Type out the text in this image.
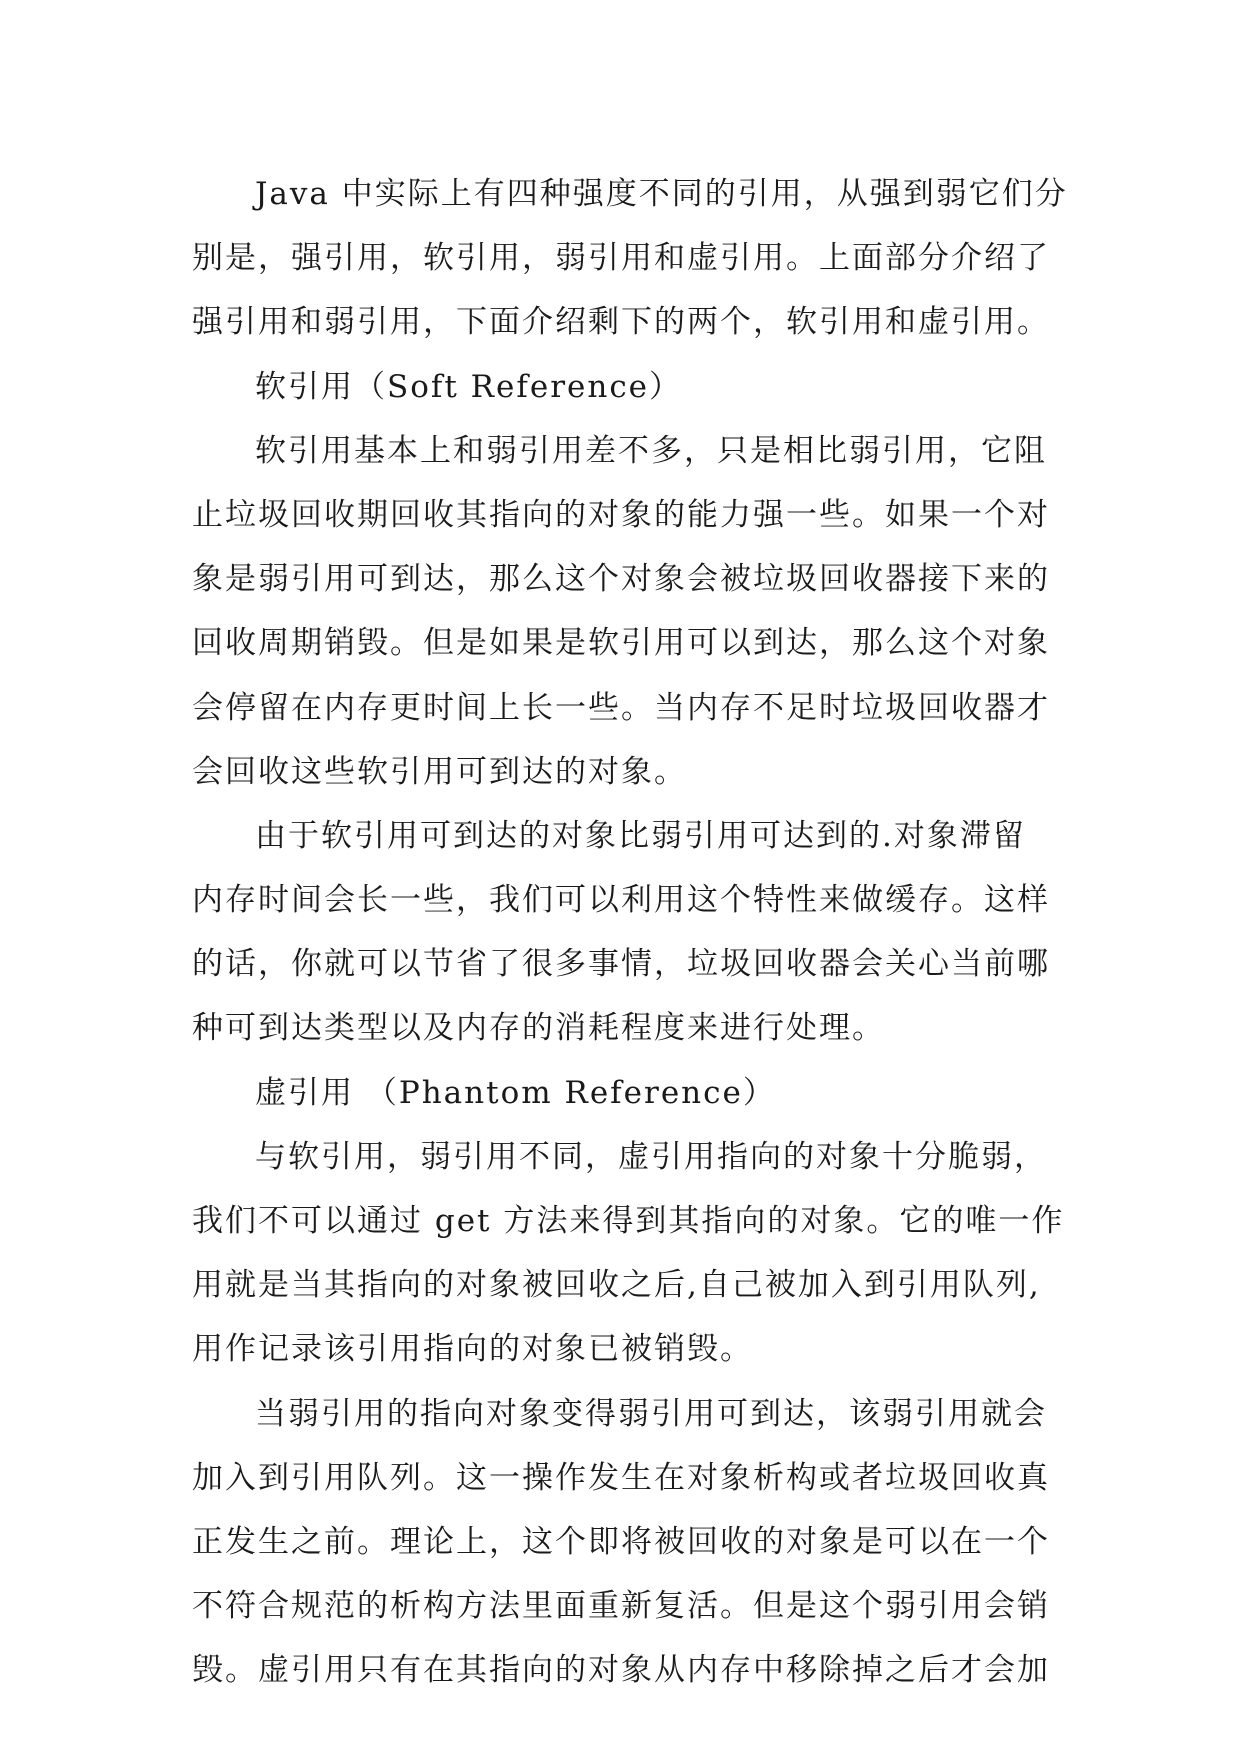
Java 中实际上有四种强度不同的引用，从强到弱它们分
别是，强引用，软引用，弱引用和虚引用。上面部分介绍了
强引用和弱引用，下面介绍剩下的两个，软引用和虚引用。
软引用（Soft Reference）
软引用基本上和弱引用差不多，只是相比弱引用，它阻
止垃圾回收期回收其指向的对象的能力强一些。如果一个对
象是弱引用可到达，那么这个对象会被垃圾回收器接下来的
回收周期销毁。但是如果是软引用可以到达，那么这个对象
会停留在内存更时间上长一些。当内存不足时垃圾回收器才
会回收这些软引用可到达的对象。
由于软引用可到达的对象比弱引用可达到的.对象滞留
内存时间会长一些，我们可以利用这个特性来做缓存。这样
的话，你就可以节省了很多事情，垃圾回收器会关心当前哪
种可到达类型以及内存的消耗程度来进行处理。
虚引用 （Phantom Reference）
与软引用，弱引用不同，虚引用指向的对象十分脆弱，
我们不可以通过 get 方法来得到其指向的对象。它的唯一作
用就是当其指向的对象被回收之后,自己被加入到引用队列,
用作记录该引用指向的对象已被销毁。
当弱引用的指向对象变得弱引用可到达，该弱引用就会
加入到引用队列。这一操作发生在对象析构或者垃圾回收真
正发生之前。理论上，这个即将被回收的对象是可以在一个
不符合规范的析构方法里面重新复活。但是这个弱引用会销
毁。虚引用只有在其指向的对象从内存中移除掉之后才会加
